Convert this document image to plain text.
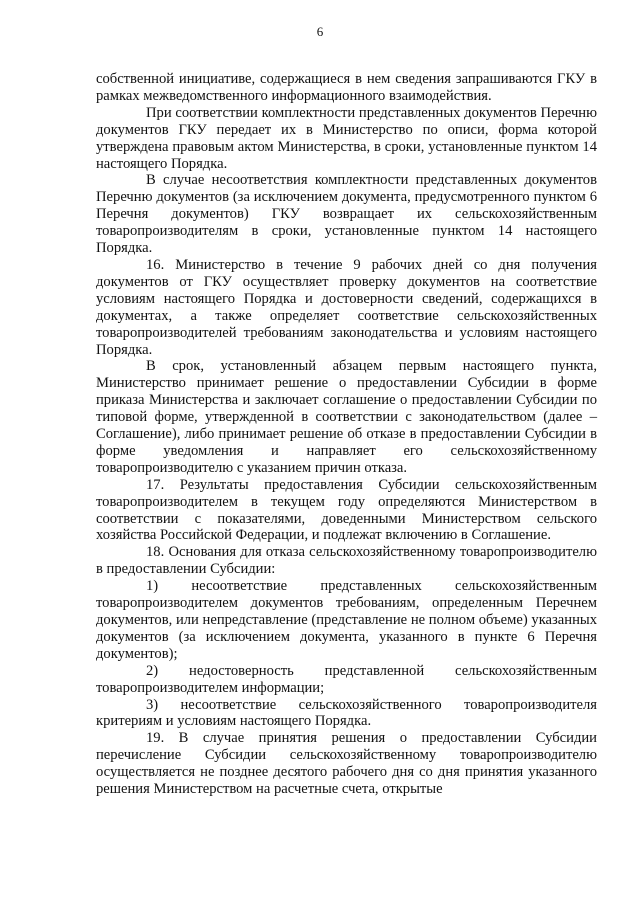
6

собственной инициативе, содержащиеся в нем сведения запрашиваются ГКУ в рамках межведомственного информационного взаимодействия.

При соответствии комплектности представленных документов Перечню документов ГКУ передает их в Министерство по описи, форма которой утверждена правовым актом Министерства, в сроки, установленные пунктом 14 настоящего Порядка.

В случае несоответствия комплектности представленных документов Перечню документов (за исключением документа, предусмотренного пунктом 6 Перечня документов) ГКУ возвращает их сельскохозяйственным товаропроизводителям в сроки, установленные пунктом 14 настоящего Порядка.

16. Министерство в течение 9 рабочих дней со дня получения документов от ГКУ осуществляет проверку документов на соответствие условиям настоящего Порядка и достоверности сведений, содержащихся в документах, а также определяет соответствие сельскохозяйственных товаропроизводителей требованиям законодательства и условиям настоящего Порядка.

В срок, установленный абзацем первым настоящего пункта, Министерство принимает решение о предоставлении Субсидии в форме приказа Министерства и заключает соглашение о предоставлении Субсидии по типовой форме, утвержденной в соответствии с законодательством (далее – Соглашение), либо принимает решение об отказе в предоставлении Субсидии в форме уведомления и направляет его сельскохозяйственному товаропроизводителю с указанием причин отказа.

17. Результаты предоставления Субсидии сельскохозяйственным товаропроизводителем в текущем году определяются Министерством в соответствии с показателями, доведенными Министерством сельского хозяйства Российской Федерации, и подлежат включению в Соглашение.

18. Основания для отказа сельскохозяйственному товаропроизводителю в предоставлении Субсидии:

1) несоответствие представленных сельскохозяйственным товаропроизводителем документов требованиям, определенным Перечнем документов, или непредставление (представление не полном объеме) указанных документов (за исключением документа, указанного в пункте 6 Перечня документов);

2) недостоверность представленной сельскохозяйственным товаропроизводителем информации;

3) несоответствие сельскохозяйственного товаропроизводителя критериям и условиям настоящего Порядка.

19. В случае принятия решения о предоставлении Субсидии перечисление Субсидии сельскохозяйственному товаропроизводителю осуществляется не позднее десятого рабочего дня со дня принятия указанного решения Министерством на расчетные счета, открытые
